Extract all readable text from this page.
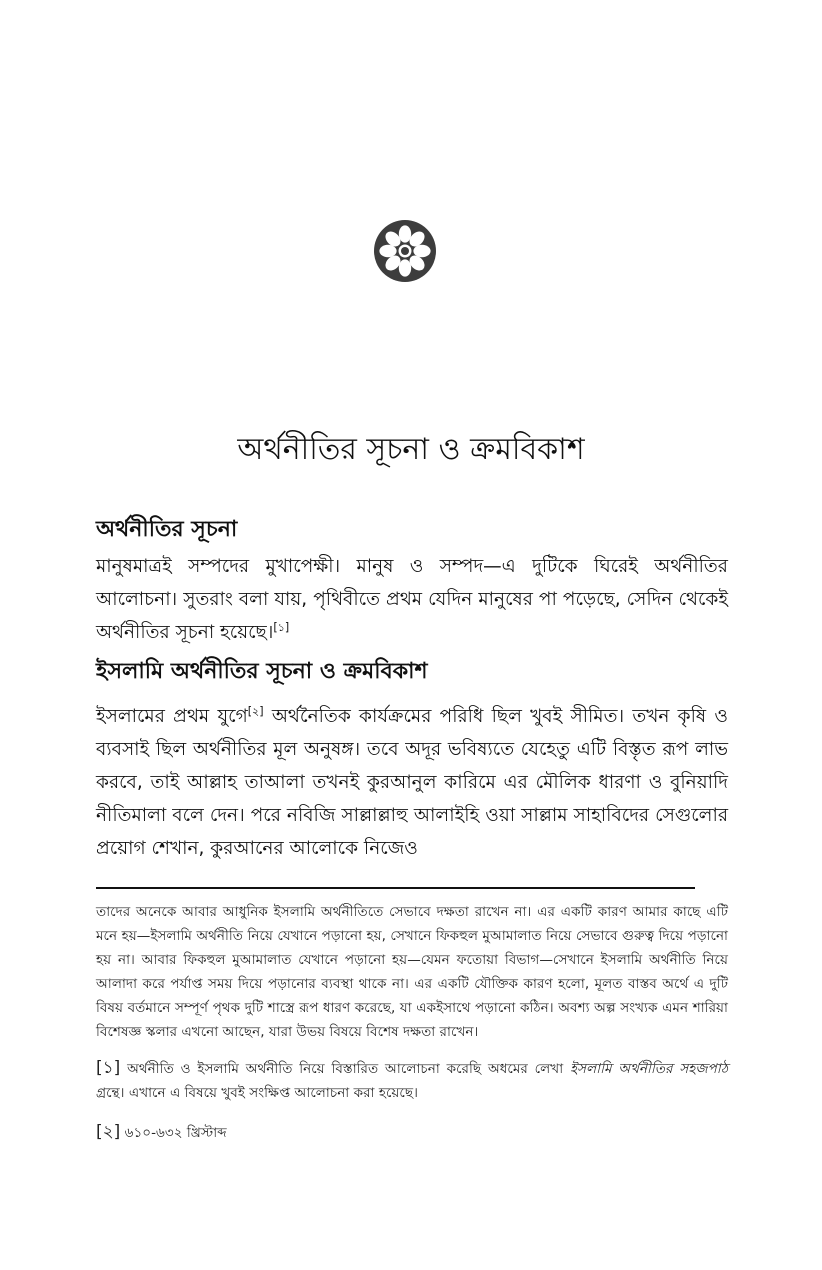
অর্থনীতির সূচনা ও ক্রমবিকাশ
অর্থনীতির সূচনা
মানুষমাত্রই সম্পদের মুখাপেক্ষী। মানুষ ও সম্পদ—এ দুটিকে ঘিরেই অর্থনীতির আলোচনা। সুতরাং বলা যায়, পৃথিবীতে প্রথম যেদিন মানুষের পা পড়েছে, সেদিন থেকেই অর্থনীতির সূচনা হয়েছে।[১]
ইসলামি অর্থনীতির সূচনা ও ক্রমবিকাশ
ইসলামের প্রথম যুগে[২] অর্থনৈতিক কার্যক্রমের পরিধি ছিল খুবই সীমিত। তখন কৃষি ও ব্যবসাই ছিল অর্থনীতির মূল অনুষঙ্গ। তবে অদূর ভবিষ্যতে যেহেতু এটি বিস্তৃত রূপ লাভ করবে, তাই আল্লাহ তাআলা তখনই কুরআনুল কারিমে এর মৌলিক ধারণা ও বুনিয়াদি নীতিমালা বলে দেন। পরে নবিজি সাল্লাল্লাহু আলাইহি ওয়া সাল্লাম সাহাবিদের সেগুলোর প্রয়োগ শেখান, কুরআনের আলোকে নিজেও
তাদের অনেকে আবার আধুনিক ইসলামি অর্থনীতিতে সেভাবে দক্ষতা রাখেন না। এর একটি কারণ আমার কাছে এটি মনে হয়—ইসলামি অর্থনীতি নিয়ে যেখানে পড়ানো হয়, সেখানে ফিকহুল মুআমালাত নিয়ে সেভাবে গুরুত্ব দিয়ে পড়ানো হয় না। আবার ফিকহুল মুআমালাত যেখানে পড়ানো হয়—যেমন ফতোয়া বিভাগ—সেখানে ইসলামি অর্থনীতি নিয়ে আলাদা করে পর্যাপ্ত সময় দিয়ে পড়ানোর ব্যবস্থা থাকে না। এর একটি যৌক্তিক কারণ হলো, মূলত বাস্তব অর্থে এ দুটি বিষয় বর্তমানে সম্পূর্ণ পৃথক দুটি শাস্ত্রে রূপ ধারণ করেছে, যা একইসাথে পড়ানো কঠিন। অবশ্য অল্প সংখ্যক এমন শারিয়া বিশেষজ্ঞ স্কলার এখনো আছেন, যারা উভয় বিষয়ে বিশেষ দক্ষতা রাখেন।
[১] অর্থনীতি ও ইসলামি অর্থনীতি নিয়ে বিস্তারিত আলোচনা করেছি অধমের লেখা ইসলামি অর্থনীতির সহজপাঠ গ্রন্থে। এখানে এ বিষয়ে খুবই সংক্ষিপ্ত আলোচনা করা হয়েছে।
[২] ৬১০-৬৩২ খ্রিস্টাব্দ
